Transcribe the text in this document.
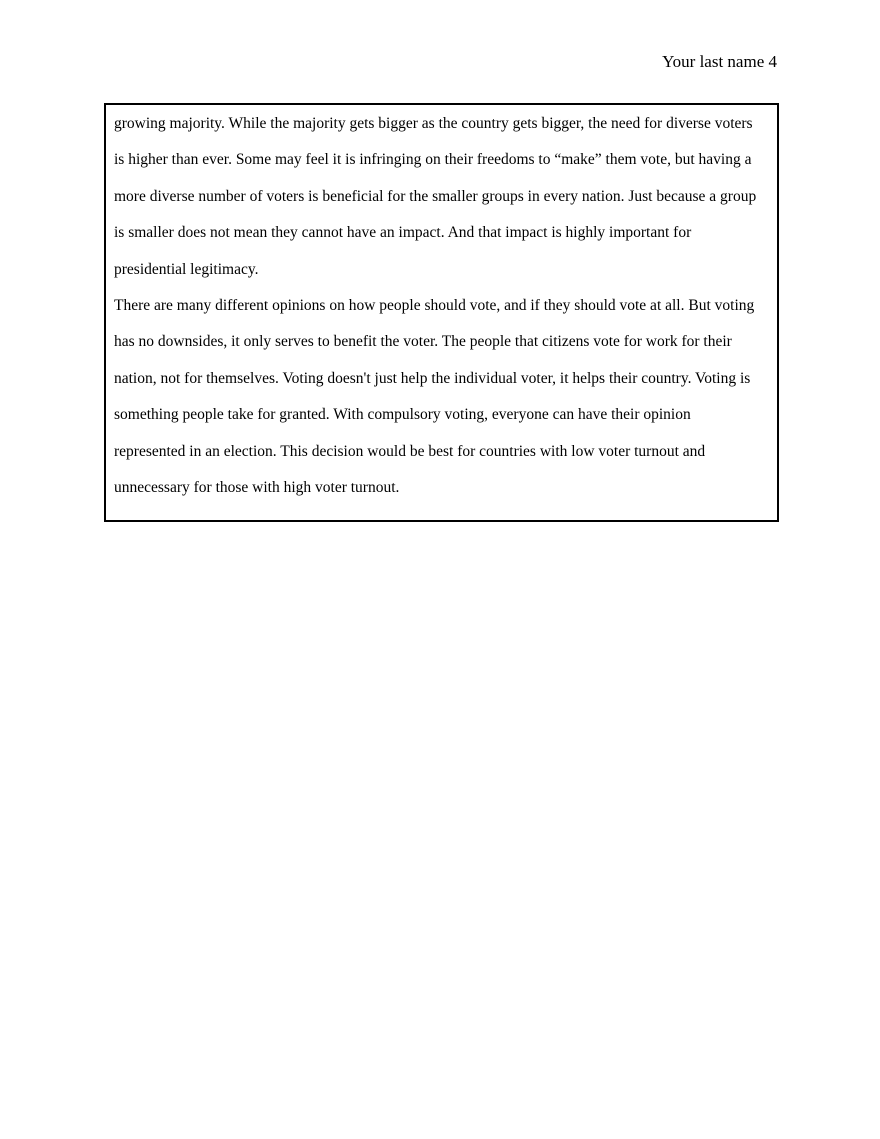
Your last name 4
growing majority. While the majority gets bigger as the country gets bigger, the need for diverse voters
is higher than ever. Some may feel it is infringing on their freedoms to “make” them vote, but having a
more diverse number of voters is beneficial for the smaller groups in every nation. Just because a group
is smaller does not mean they cannot have an impact. And that impact is highly important for
presidential legitimacy.
There are many different opinions on how people should vote, and if they should vote at all. But voting
has no downsides, it only serves to benefit the voter. The people that citizens vote for work for their
nation, not for themselves. Voting doesn't just help the individual voter, it helps their country. Voting is
something people take for granted. With compulsory voting, everyone can have their opinion
represented in an election. This decision would be best for countries with low voter turnout and
unnecessary for those with high voter turnout.
